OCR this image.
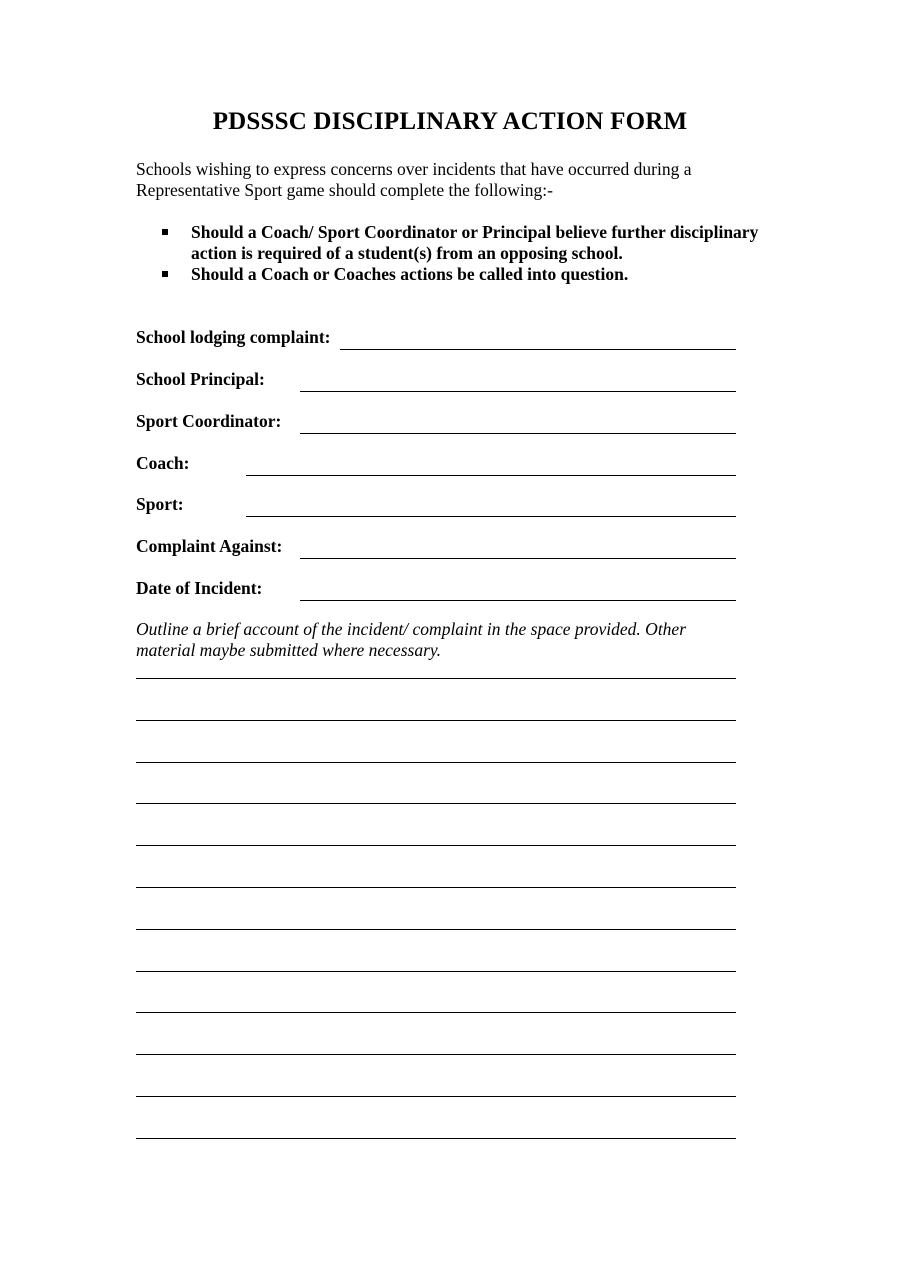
PDSSSC DISCIPLINARY ACTION FORM
Schools wishing to express concerns over incidents that have occurred during a Representative Sport game should complete the following:-
Should a Coach/ Sport Coordinator or Principal believe further disciplinary action is required of a student(s) from an opposing school.
Should a Coach or Coaches actions be called into question.
School lodging complaint:
School Principal:
Sport Coordinator:
Coach:
Sport:
Complaint Against:
Date of Incident:
Outline a brief account of the incident/ complaint in the space provided. Other material maybe submitted where necessary.
